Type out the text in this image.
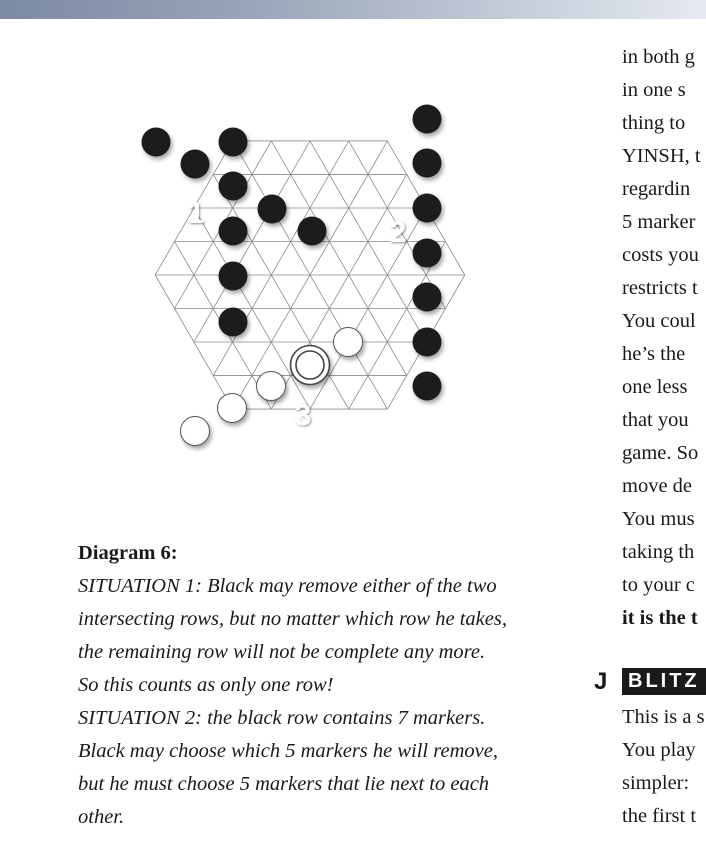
1
2
3
Diagram 6:
SITUATION 1: Black may remove either of the two
intersecting rows, but no matter which row he takes,
the remaining row will not be complete any more.
So this counts as only one row!
SITUATION 2: the black row contains 7 markers.
Black may choose which 5 markers he will remove,
but he must choose 5 markers that lie next to each
other.
in both g
in one s
thing to
YINSH, t
regardin
5 marker
costs you
restricts t
You coul
he’s the
one less
that you
game. So
move de
You mus
taking th
to your c
it is the t
J	BLITZ
This is a s
You play
simpler:
the first t
